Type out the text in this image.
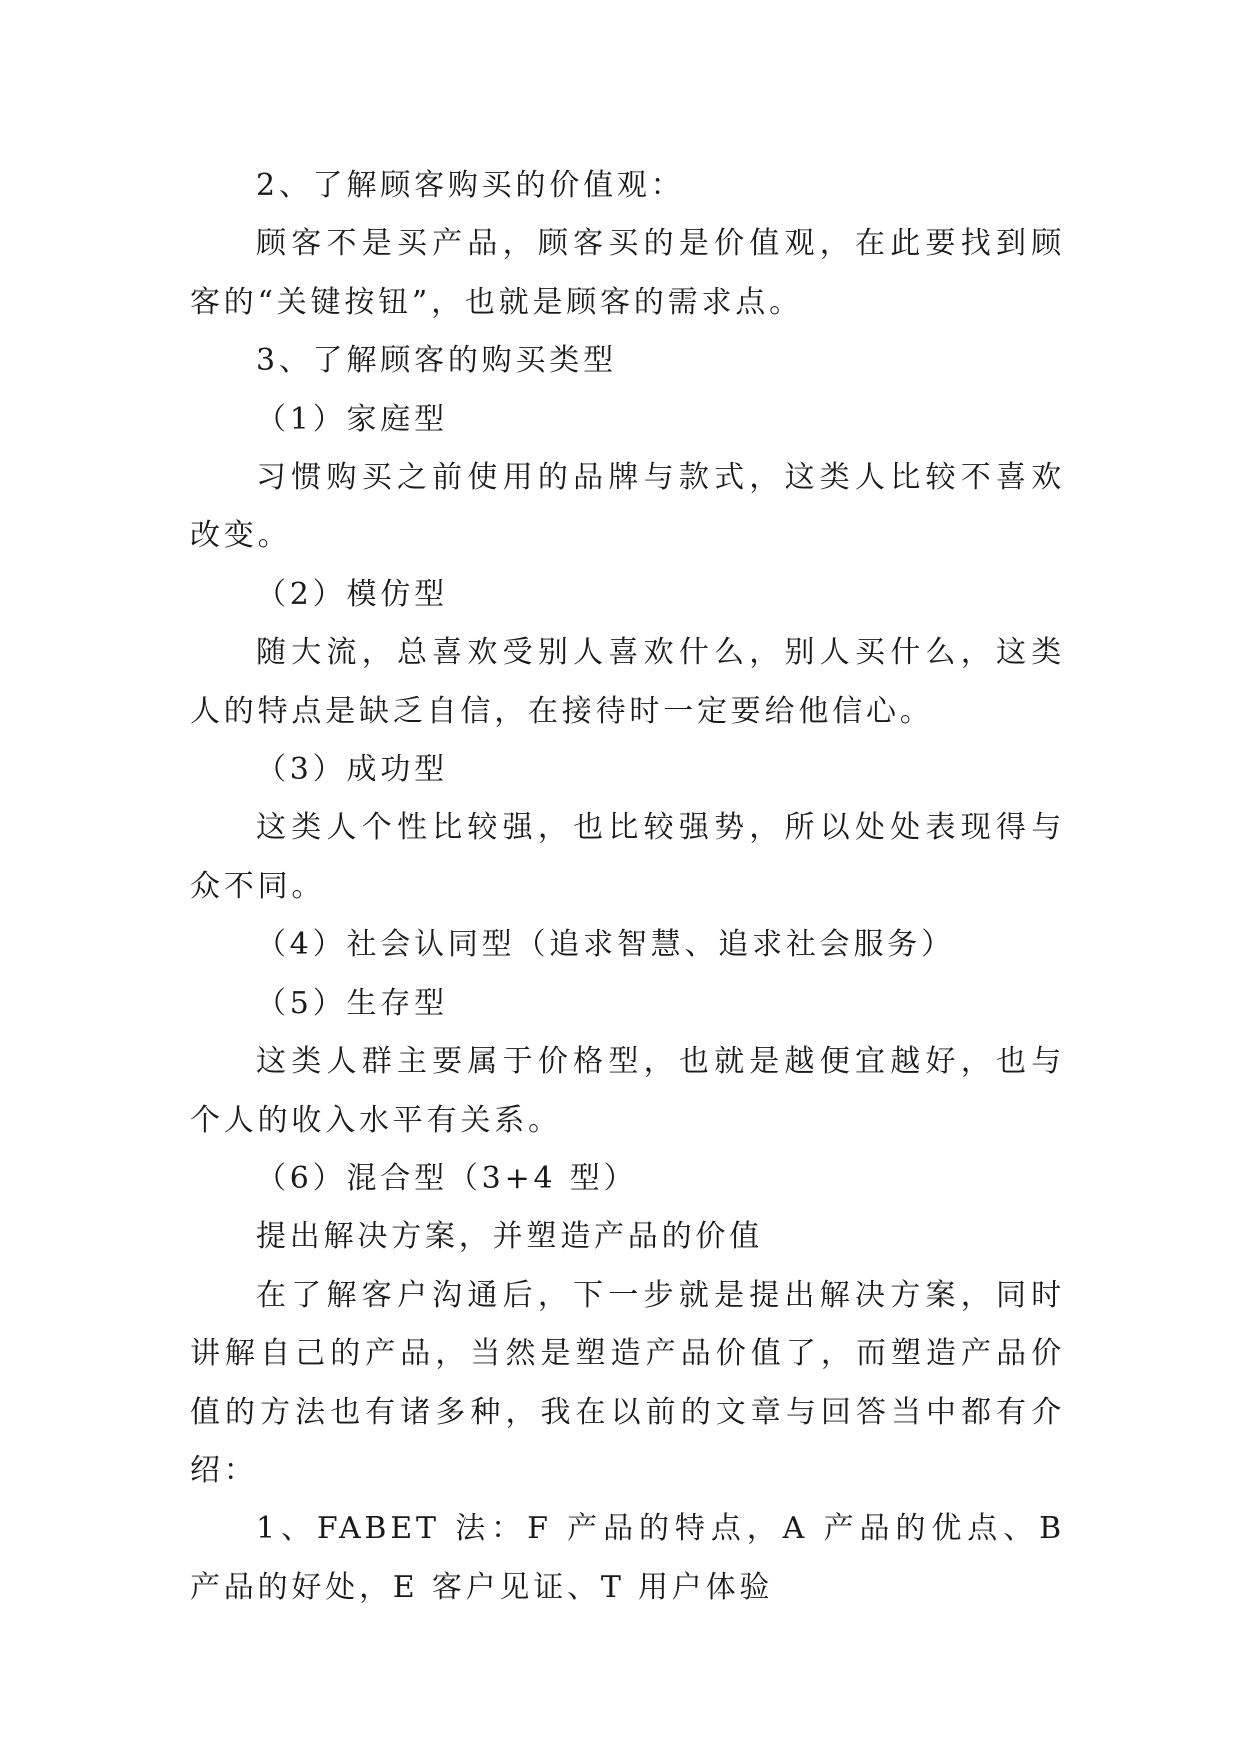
2、了解顾客购买的价值观：

顾客不是买产品，顾客买的是价值观，在此要找到顾客的“关键按钮”，也就是顾客的需求点。

3、了解顾客的购买类型

（1）家庭型

习惯购买之前使用的品牌与款式，这类人比较不喜欢改变。

（2）模仿型

随大流，总喜欢受别人喜欢什么，别人买什么，这类人的特点是缺乏自信，在接待时一定要给他信心。

（3）成功型

这类人个性比较强，也比较强势，所以处处表现得与众不同。

（4）社会认同型（追求智慧、追求社会服务）

（5）生存型

这类人群主要属于价格型，也就是越便宜越好，也与个人的收入水平有关系。

（6）混合型（3+4 型）

提出解决方案，并塑造产品的价值

在了解客户沟通后，下一步就是提出解决方案，同时讲解自己的产品，当然是塑造产品价值了，而塑造产品价值的方法也有诸多种，我在以前的文章与回答当中都有介绍：

1、FABET 法：F 产品的特点，A 产品的优点、B 产品的好处，E 客户见证、T 用户体验
